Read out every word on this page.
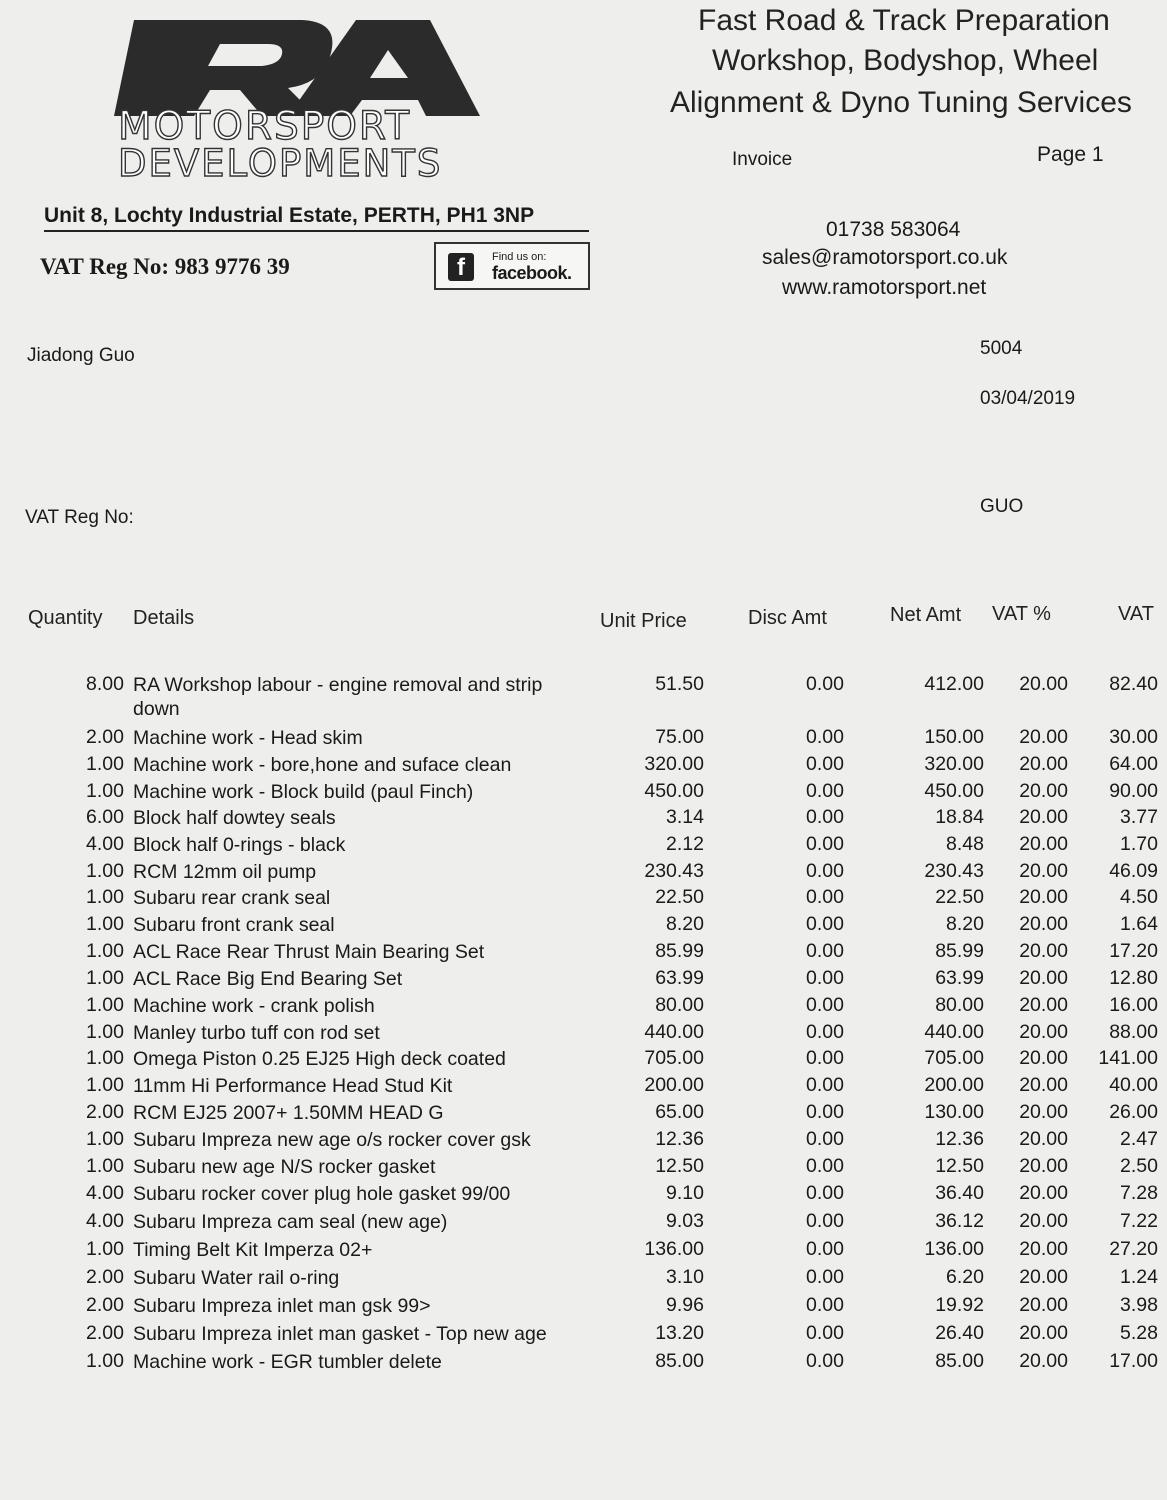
MOTORSPORT
DEVELOPMENTS
Fast Road & Track Preparation
Workshop, Bodyshop, Wheel
Alignment & Dyno Tuning Services
Invoice	Page 1
Unit 8, Lochty Industrial Estate, PERTH, PH1 3NP
VAT Reg No: 983 9776 39	f	Find us on:
facebook.
01738 583064
sales@ramotorsport.co.uk
www.ramotorsport.net
Jiadong Guo
VAT Reg No:
5004
03/04/2019
GUO
Quantity Details	Unit Price	Disc Amt	Net Amt VAT %	VAT
8.00 RA Workshop labour - engine removal and strip down
51.50	0.00	412.00 20.00 82.40
2.00 Machine work - Head skim	75.00	0.00	150.00 20.00 30.00
1.00 Machine work - bore,hone and suface clean	320.00	0.00	320.00 20.00 64.00
1.00 Machine work - Block build (paul Finch)	450.00	0.00	450.00 20.00 90.00
6.00 Block half dowtey seals	3.14	0.00	18.84 20.00	3.77
4.00 Block half 0-rings - black	2.12	0.00	8.48 20.00	1.70
1.00 RCM 12mm oil pump	230.43	0.00	230.43 20.00 46.09
1.00 Subaru rear crank seal	22.50	0.00	22.50 20.00	4.50
1.00 Subaru front crank seal	8.20	0.00	8.20 20.00	1.64
1.00 ACL Race Rear Thrust Main Bearing Set	85.99	0.00	85.99 20.00 17.20
1.00 ACL Race Big End Bearing Set	63.99	0.00	63.99 20.00 12.80
1.00 Machine work - crank polish	80.00	0.00	80.00 20.00 16.00
1.00 Manley turbo tuff con rod set	440.00	0.00	440.00 20.00 88.00
1.00 Omega Piston 0.25 EJ25 High deck coated	705.00	0.00	705.00 20.00 141.00
1.00 11mm Hi Performance Head Stud Kit	200.00	0.00	200.00 20.00 40.00
2.00 RCM EJ25 2007+ 1.50MM HEAD G	65.00	0.00	130.00 20.00 26.00
1.00 Subaru Impreza new age o/s rocker cover gsk	12.36	0.00	12.36 20.00	2.47
1.00 Subaru new age N/S rocker gasket	12.50	0.00	12.50 20.00	2.50
4.00 Subaru rocker cover plug hole gasket 99/00	9.10	0.00	36.40 20.00	7.28
4.00 Subaru Impreza cam seal (new age)	9.03	0.00	36.12 20.00	7.22
1.00 Timing Belt Kit Imperza 02+	136.00	0.00	136.00 20.00 27.20
2.00 Subaru Water rail o-ring	3.10	0.00	6.20 20.00	1.24
2.00 Subaru Impreza inlet man gsk 99>	9.96	0.00	19.92 20.00	3.98
2.00 Subaru Impreza inlet man gasket - Top new age	13.20	0.00	26.40 20.00	5.28
1.00 Machine work - EGR tumbler delete	85.00	0.00	85.00 20.00 17.00
